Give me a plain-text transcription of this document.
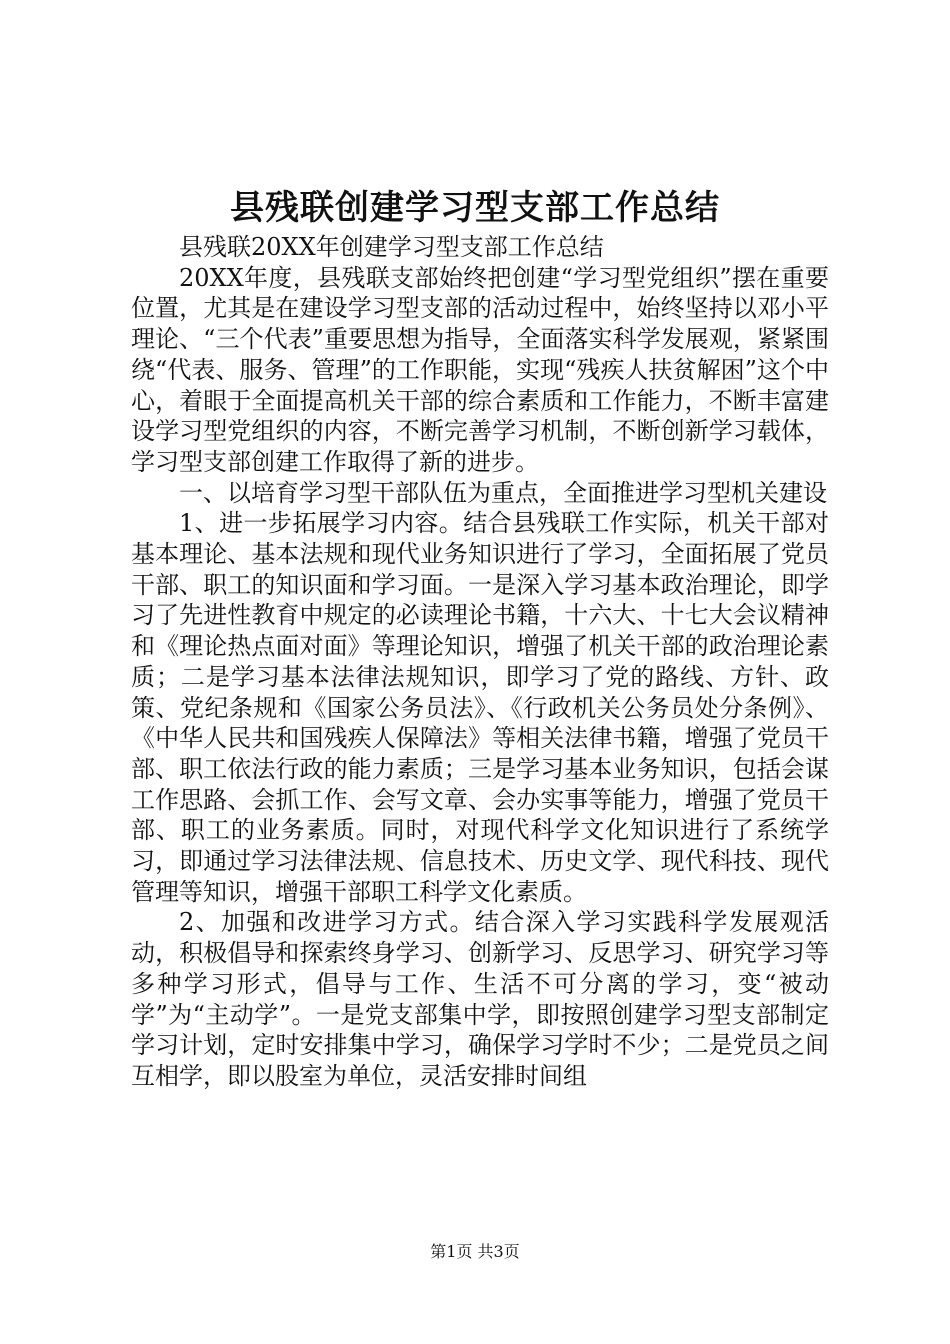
县残联创建学习型支部工作总结

县残联20XX年创建学习型支部工作总结

20XX年度，县残联支部始终把创建“学习型党组织”摆在重要位置，尤其是在建设学习型支部的活动过程中，始终坚持以邓小平理论、“三个代表”重要思想为指导，全面落实科学发展观，紧紧围绕“代表、服务、管理”的工作职能，实现“残疾人扶贫解困”这个中心，着眼于全面提高机关干部的综合素质和工作能力，不断丰富建设学习型党组织的内容，不断完善学习机制，不断创新学习载体，学习型支部创建工作取得了新的进步。

一、以培育学习型干部队伍为重点，全面推进学习型机关建设

1、进一步拓展学习内容。结合县残联工作实际，机关干部对基本理论、基本法规和现代业务知识进行了学习，全面拓展了党员干部、职工的知识面和学习面。一是深入学习基本政治理论，即学习了先进性教育中规定的必读理论书籍，十六大、十七大会议精神和《理论热点面对面》等理论知识，增强了机关干部的政治理论素质；二是学习基本法律法规知识，即学习了党的路线、方针、政策、党纪条规和《国家公务员法》、《行政机关公务员处分条例》、《中华人民共和国残疾人保障法》等相关法律书籍，增强了党员干部、职工依法行政的能力素质；三是学习基本业务知识，包括会谋工作思路、会抓工作、会写文章、会办实事等能力，增强了党员干部、职工的业务素质。同时，对现代科学文化知识进行了系统学习，即通过学习法律法规、信息技术、历史文学、现代科技、现代管理等知识，增强干部职工科学文化素质。

2、加强和改进学习方式。结合深入学习实践科学发展观活动，积极倡导和探索终身学习、创新学习、反思学习、研究学习等多种学习形式，倡导与工作、生活不可分离的学习，变“被动学”为“主动学”。一是党支部集中学，即按照创建学习型支部制定学习计划，定时安排集中学习，确保学习学时不少；二是党员之间互相学，即以股室为单位，灵活安排时间组

第1页 共3页
